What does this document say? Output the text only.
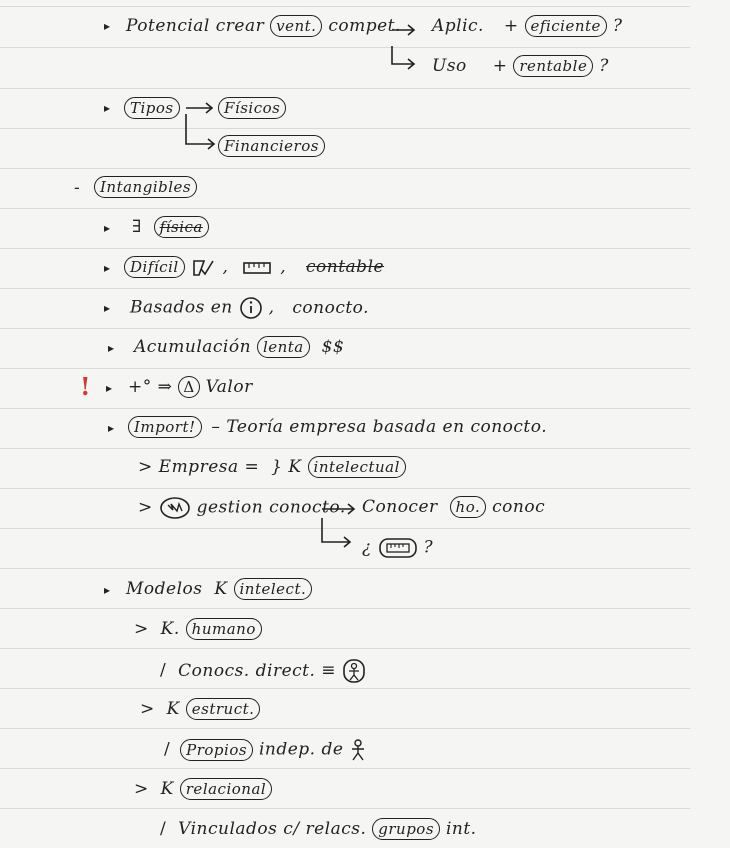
▸ Potencial crear vent. compet. Aplic. + eficiente ?
Uso + rentable ?
▸	Tipos	Físicos
Financieros
-	Intangibles
▸ ∃ física
▸	Difícil	,	, contable
▸ Basados en , conocto.
▸ Acumulación lenta $$
! ▸ +° ⇒ Δ Valor
▸	Import! – Teoría empresa basada en conocto.
> Empresa = } K intelectual
>	gestion conocto. Conocer ho. conoc
¿	?
▸ Modelos K intelect.
> K. humano
/ Conocs. direct. ≡
> K estruct.
/ Propios indep. de
> K relacional
/ Vinculados c/ relacs. grupos int.
